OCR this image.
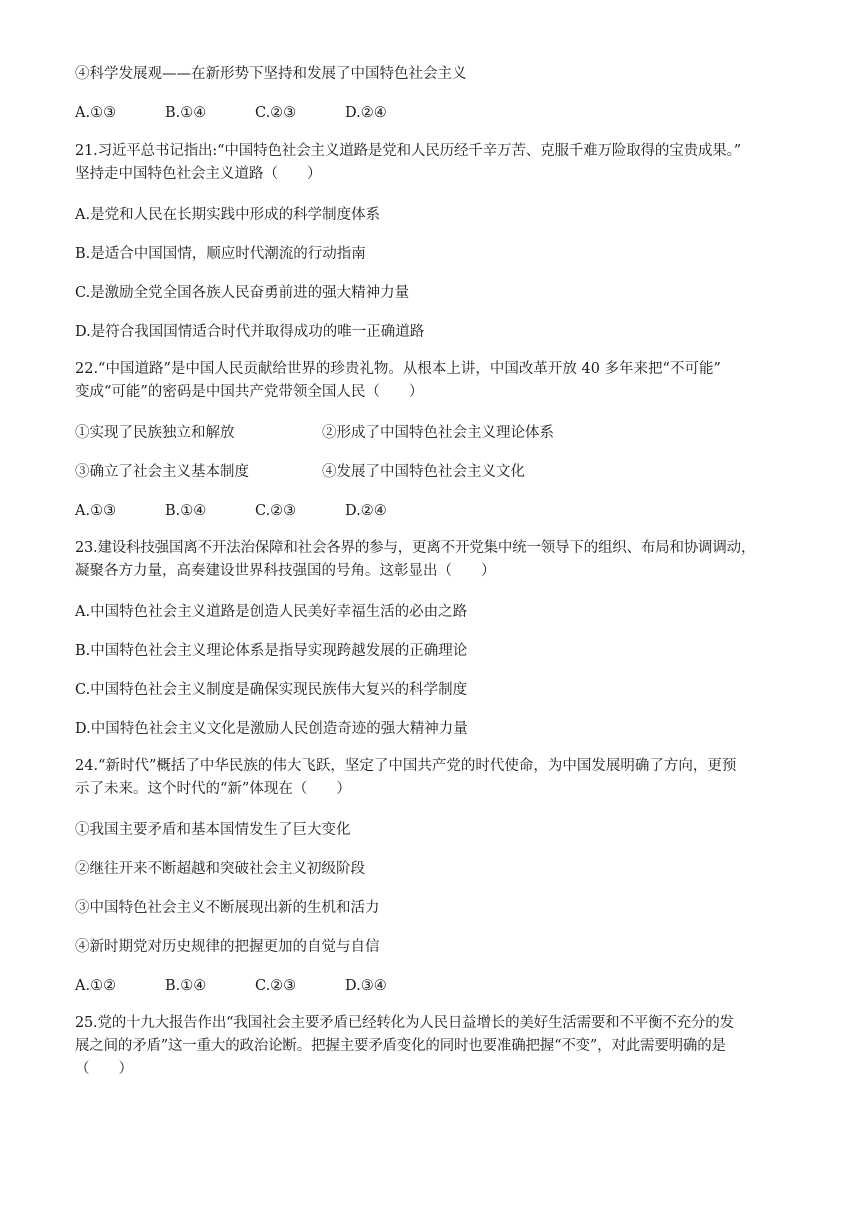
④科学发展观——在新形势下坚持和发展了中国特色社会主义

A.①③	B.①④	C.②③	D.②④

21.习近平总书记指出:“中国特色社会主义道路是党和人民历经千辛万苦、克服千难万险取得的宝贵成果。”

坚持走中国特色社会主义道路（　　）

A.是党和人民在长期实践中形成的科学制度体系

B.是适合中国国情，顺应时代潮流的行动指南

C.是激励全党全国各族人民奋勇前进的强大精神力量

D.是符合我国国情适合时代并取得成功的唯一正确道路

22.“中国道路”是中国人民贡献给世界的珍贵礼物。从根本上讲，中国改革开放 40 多年来把“不可能”

变成“可能”的密码是中国共产党带领全国人民（　　）

①实现了民族独立和解放	②形成了中国特色社会主义理论体系
③确立了社会主义基本制度	④发展了中国特色社会主义文化
A.①③	B.①④	C.②③	D.②④

23.建设科技强国离不开法治保障和社会各界的参与，更离不开党集中统一领导下的组织、布局和协调调动，

凝聚各方力量，高奏建设世界科技强国的号角。这彰显出（　　）

A.中国特色社会主义道路是创造人民美好幸福生活的必由之路

B.中国特色社会主义理论体系是指导实现跨越发展的正确理论

C.中国特色社会主义制度是确保实现民族伟大复兴的科学制度

D.中国特色社会主义文化是激励人民创造奇迹的强大精神力量

24.“新时代”概括了中华民族的伟大飞跃，坚定了中国共产党的时代使命，为中国发展明确了方向，更预

示了未来。这个时代的“新”体现在（　　）

①我国主要矛盾和基本国情发生了巨大变化

②继往开来不断超越和突破社会主义初级阶段

③中国特色社会主义不断展现出新的生机和活力

④新时期党对历史规律的把握更加的自觉与自信

A.①②	B.①④	C.②③	D.③④

25.党的十九大报告作出“我国社会主要矛盾已经转化为人民日益增长的美好生活需要和不平衡不充分的发

展之间的矛盾”这一重大的政治论断。把握主要矛盾变化的同时也要准确把握“不变”，对此需要明确的是

（　　）
